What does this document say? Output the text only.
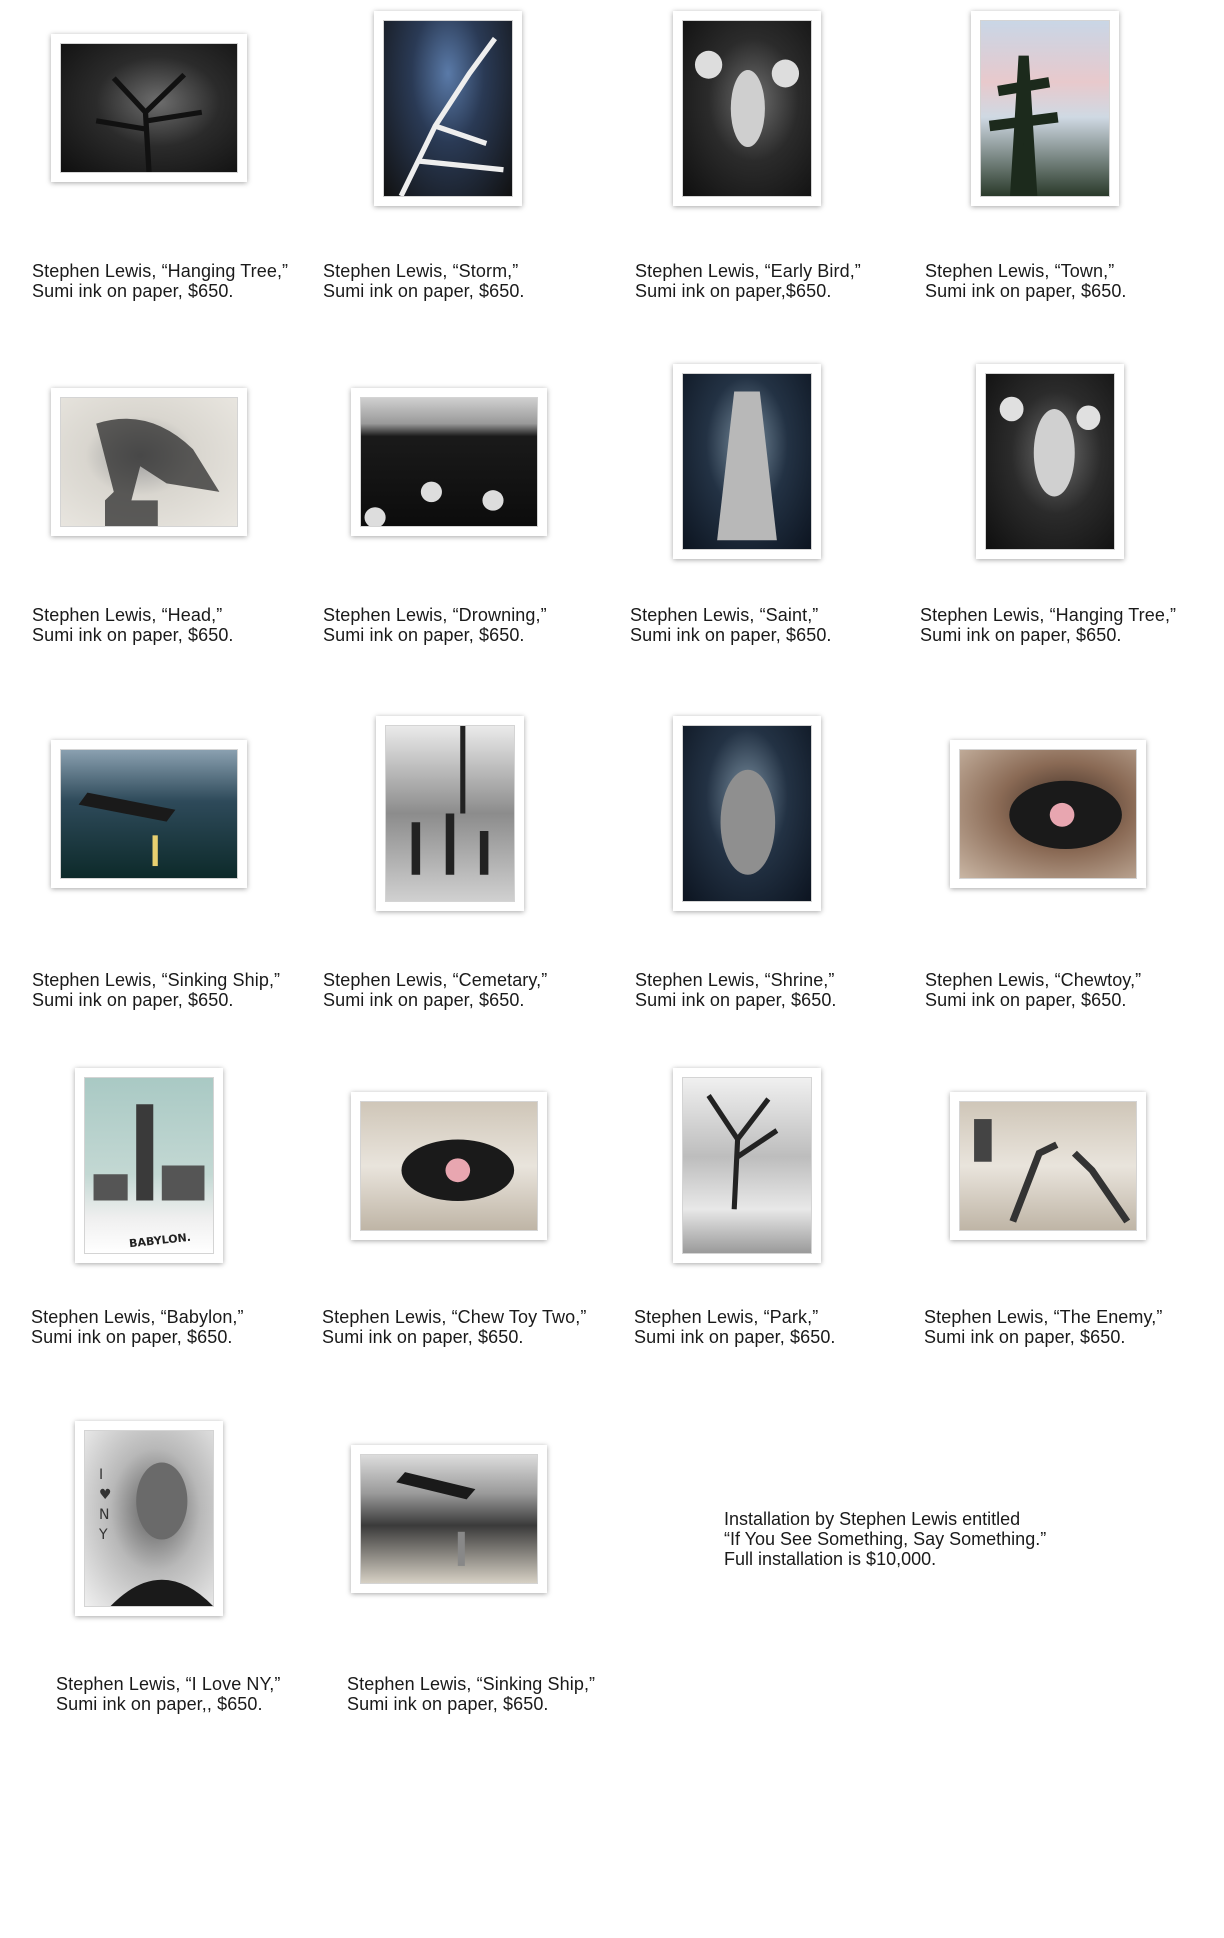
Stephen Lewis, “Hanging Tree,”
Sumi ink on paper, $650.
Stephen Lewis, “Storm,”
Sumi ink on paper, $650.
Stephen Lewis, “Early Bird,”
Sumi ink on paper,$650.
Stephen Lewis, “Town,”
Sumi ink on paper, $650.
Stephen Lewis, “Head,”
Sumi ink on paper, $650.
Stephen Lewis, “Drowning,”
Sumi ink on paper, $650.
Stephen Lewis, “Saint,”
Sumi ink on paper, $650.
Stephen Lewis, “Hanging Tree,”
Sumi ink on paper, $650.
Stephen Lewis, “Sinking Ship,”
Sumi ink on paper, $650.
Stephen Lewis, “Cemetary,”
Sumi ink on paper, $650.
Stephen Lewis, “Shrine,”
Sumi ink on paper, $650.
Stephen Lewis, “Chewtoy,”
Sumi ink on paper, $650.
BABYLON.
Stephen Lewis, “Babylon,”
Sumi ink on paper, $650.
Stephen Lewis, “Chew Toy Two,”
Sumi ink on paper, $650.
Stephen Lewis, “Park,”
Sumi ink on paper, $650.
Stephen Lewis, “The Enemy,”
Sumi ink on paper, $650.
I♥NY
Stephen Lewis, “I Love NY,”
Sumi ink on paper,, $650.
Stephen Lewis, “Sinking Ship,”
Sumi ink on paper, $650.
Installation by Stephen Lewis entitled
“If You See Something, Say Something.”
Full installation is $10,000.
